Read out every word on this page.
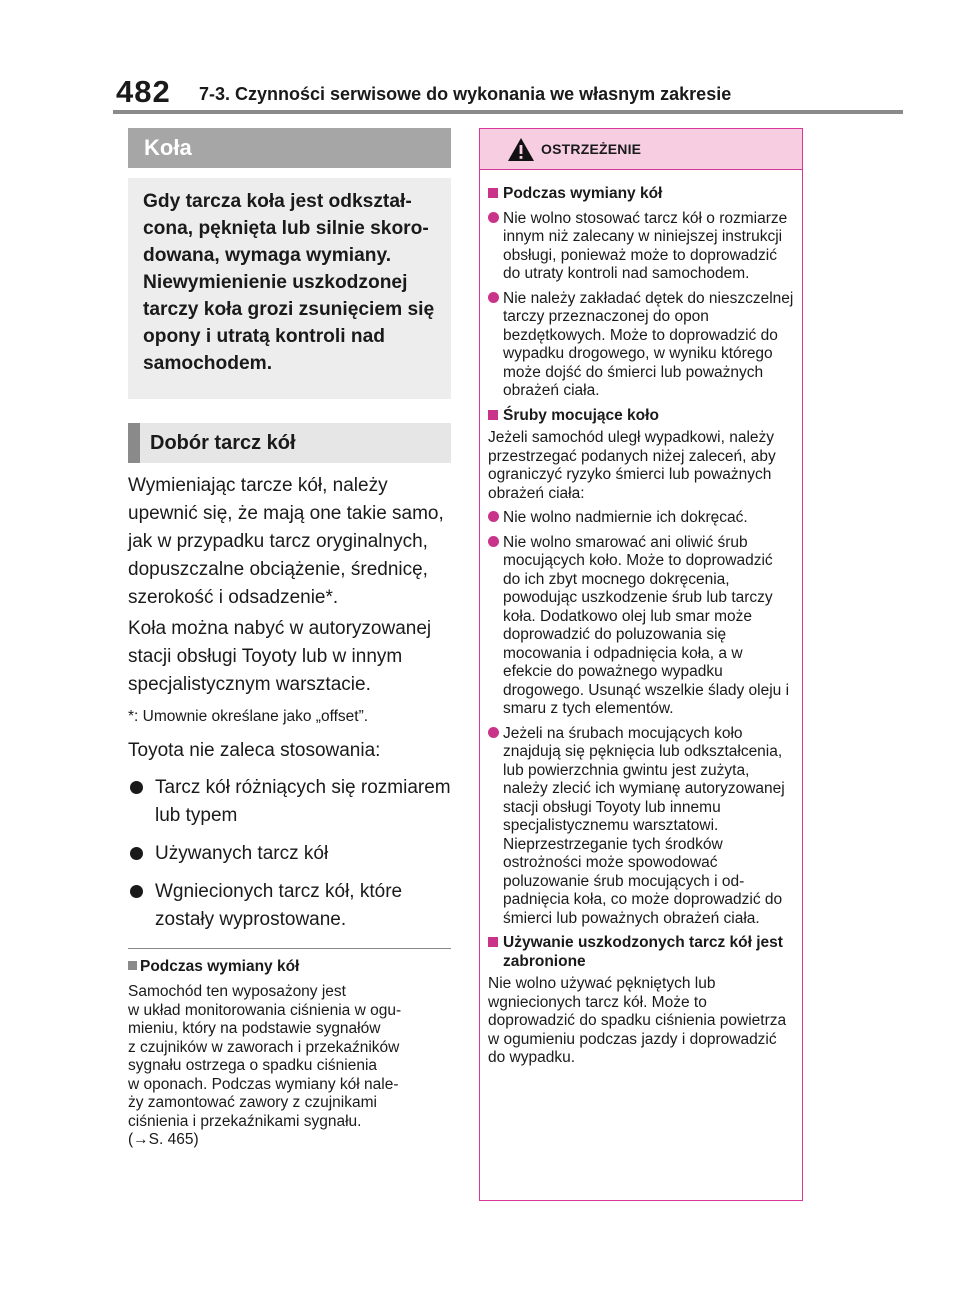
482 7-3. Czynności serwisowe do wykonania we własnym zakresie
Koła
Gdy tarcza koła jest odkształcona, pęknięta lub silnie skorodowana, wymaga wymiany. Niewymienienie uszkodzonej tarczy koła grozi zsunięciem się opony i utratą kontroli nad samochodem.
Dobór tarcz kół

Wymieniając tarcze kół, należy upewnić się, że mają one takie samo, jak w przypadku tarcz oryginalnych, dopuszczalne obciążenie, średnicę, szerokość i odsadzenie*.

Koła można nabyć w autoryzowanej stacji obsługi Toyoty lub w innym specjalistycznym warsztacie.

*: Umownie określane jako „offset”.

Toyota nie zaleca stosowania:

Tarcz kół różniących się rozmiarem lub typem
Używanych tarcz kół
Wgniecionych tarcz kół, które zostały wyprostowane.
Podczas wymiany kół
Samochód ten wyposażony jest
w układ monitorowania ciśnienia w ogu-
mieniu, który na podstawie sygnałów
z czujników w zaworach i przekaźników
sygnału ostrzega o spadku ciśnienia
w oponach. Podczas wymiany kół nale-
ży zamontować zawory z czujnikami
ciśnienia i przekaźnikami sygnału.
(→S. 465)
OSTRZEŻENIE
Podczas wymiany kół
Nie wolno stosować tarcz kół o rozmiarze innym niż zalecany w niniejszej instrukcji obsługi, ponieważ może to doprowadzić do utraty kontroli nad samochodem.
Nie należy zakładać dętek do nieszczelnej tarczy przeznaczonej do opon bezdętkowych. Może to doprowadzić do wypadku drogowego, w wyniku którego może dojść do śmierci lub poważnych obrażeń ciała.
Śruby mocujące koło
Jeżeli samochód uległ wypadkowi, należy przestrzegać podanych niżej zaleceń, aby ograniczyć ryzyko śmierci lub poważnych obrażeń ciała:
Nie wolno nadmiernie ich dokręcać.
Nie wolno smarować ani oliwić śrub mocujących koło. Może to doprowadzić do ich zbyt mocnego dokręcenia, powodując uszkodzenie śrub lub tarczy koła. Dodatkowo olej lub smar może doprowadzić do poluzowania się mocowania i odpadnięcia koła, a w efekcie do poważnego wypadku drogowego. Usunąć wszelkie ślady oleju i smaru z tych elementów.
Jeżeli na śrubach mocujących koło znajdują się pęknięcia lub odkształcenia, lub powierzchnia gwintu jest zużyta, należy zlecić ich wymianę autoryzowanej stacji obsługi Toyoty lub innemu specjalistycznemu warsztatowi. Nieprzestrzeganie tych środków ostrożności może spowodować poluzowanie śrub mocujących i odpadnięcia koła, co może doprowadzić do śmierci lub poważnych obrażeń ciała.
Używanie uszkodzonych tarcz kół jest zabronione
Nie wolno używać pękniętych lub wgniecionych tarcz kół. Może to doprowadzić do spadku ciśnienia powietrza w ogumieniu podczas jazdy i doprowadzić do wypadku.
